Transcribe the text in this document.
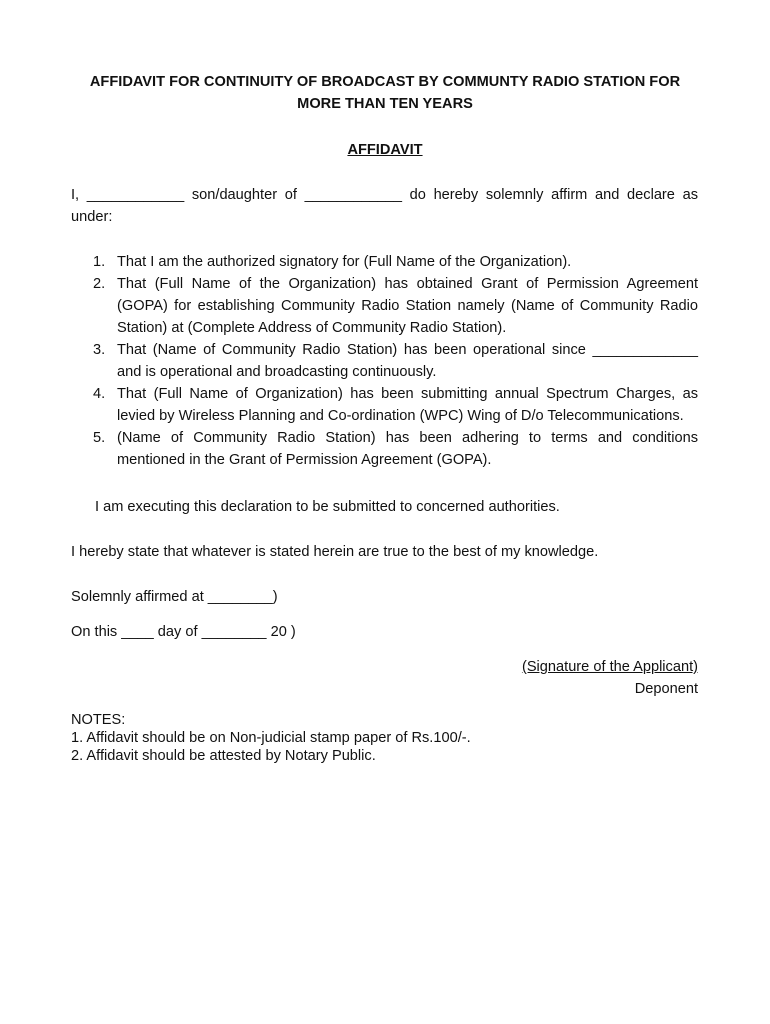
AFFIDAVIT FOR CONTINUITY OF BROADCAST BY COMMUNTY RADIO STATION FOR
MORE THAN TEN YEARS
AFFIDAVIT
I, ____________ son/daughter of ____________ do hereby solemnly affirm and declare as under:
1. That I am the authorized signatory for (Full Name of the Organization).
2. That (Full Name of the Organization) has obtained Grant of Permission Agreement (GOPA) for establishing Community Radio Station namely (Name of Community Radio Station) at (Complete Address of Community Radio Station).
3. That (Name of Community Radio Station) has been operational since _____________ and is operational and broadcasting continuously.
4. That (Full Name of Organization) has been submitting annual Spectrum Charges, as levied by Wireless Planning and Co-ordination (WPC) Wing of D/o Telecommunications.
5. (Name of Community Radio Station) has been adhering to terms and conditions mentioned in the Grant of Permission Agreement (GOPA).
I am executing this declaration to be submitted to concerned authorities.
I hereby state that whatever is stated herein are true to the best of my knowledge.
Solemnly affirmed at ________)
On this ____ day of ________ 20 )
(Signature of the Applicant)
Deponent
NOTES:
1. Affidavit should be on Non-judicial stamp paper of Rs.100/-.
2. Affidavit should be attested by Notary Public.
